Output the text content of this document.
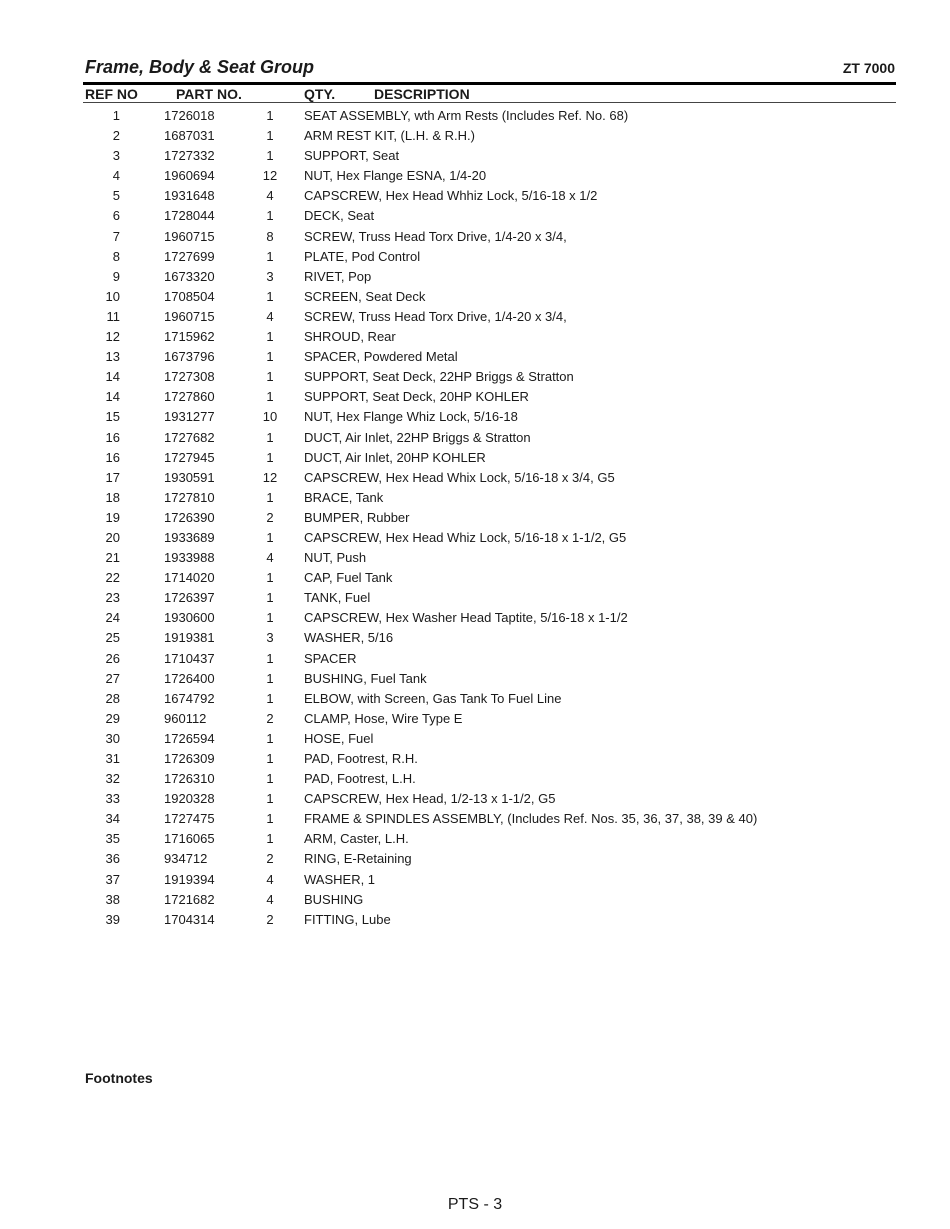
Frame, Body & Seat Group	ZT 7000
REF NO	PART NO.	QTY.	DESCRIPTION
1	1726018	1	SEAT ASSEMBLY, wth Arm Rests (Includes Ref. No. 68)
2	1687031	1	ARM REST KIT, (L.H. & R.H.)
3	1727332	1	SUPPORT, Seat
4	1960694	12	NUT, Hex Flange ESNA, 1/4-20
5	1931648	4	CAPSCREW, Hex Head Whhiz Lock, 5/16-18 x 1/2
6	1728044	1	DECK, Seat
7	1960715	8	SCREW, Truss Head Torx Drive, 1/4-20 x 3/4,
8	1727699	1	PLATE, Pod Control
9	1673320	3	RIVET, Pop
10	1708504	1	SCREEN, Seat Deck
11	1960715	4	SCREW, Truss Head Torx Drive, 1/4-20 x 3/4,
12	1715962	1	SHROUD, Rear
13	1673796	1	SPACER, Powdered Metal
14	1727308	1	SUPPORT, Seat Deck, 22HP Briggs & Stratton
14	1727860	1	SUPPORT, Seat Deck, 20HP KOHLER
15	1931277	10	NUT, Hex Flange Whiz Lock, 5/16-18
16	1727682	1	DUCT, Air Inlet, 22HP Briggs & Stratton
16	1727945	1	DUCT, Air Inlet, 20HP KOHLER
17	1930591	12	CAPSCREW, Hex Head Whix Lock, 5/16-18 x 3/4, G5
18	1727810	1	BRACE, Tank
19	1726390	2	BUMPER, Rubber
20	1933689	1	CAPSCREW, Hex Head Whiz Lock, 5/16-18 x 1-1/2, G5
21	1933988	4	NUT, Push
22	1714020	1	CAP, Fuel Tank
23	1726397	1	TANK, Fuel
24	1930600	1	CAPSCREW, Hex Washer Head Taptite, 5/16-18 x 1-1/2
25	1919381	3	WASHER, 5/16
26	1710437	1	SPACER
27	1726400	1	BUSHING, Fuel Tank
28	1674792	1	ELBOW, with Screen, Gas Tank To Fuel Line
29	960112	2	CLAMP, Hose, Wire Type E
30	1726594	1	HOSE, Fuel
31	1726309	1	PAD, Footrest, R.H.
32	1726310	1	PAD, Footrest, L.H.
33	1920328	1	CAPSCREW, Hex Head, 1/2-13 x 1-1/2, G5
34	1727475	1	FRAME & SPINDLES ASSEMBLY, (Includes Ref. Nos. 35, 36, 37, 38, 39 & 40)
35	1716065	1	ARM, Caster, L.H.
36	934712	2	RING, E-Retaining
37	1919394	4	WASHER, 1
38	1721682	4	BUSHING
39	1704314	2	FITTING, Lube
Footnotes
PTS - 3
